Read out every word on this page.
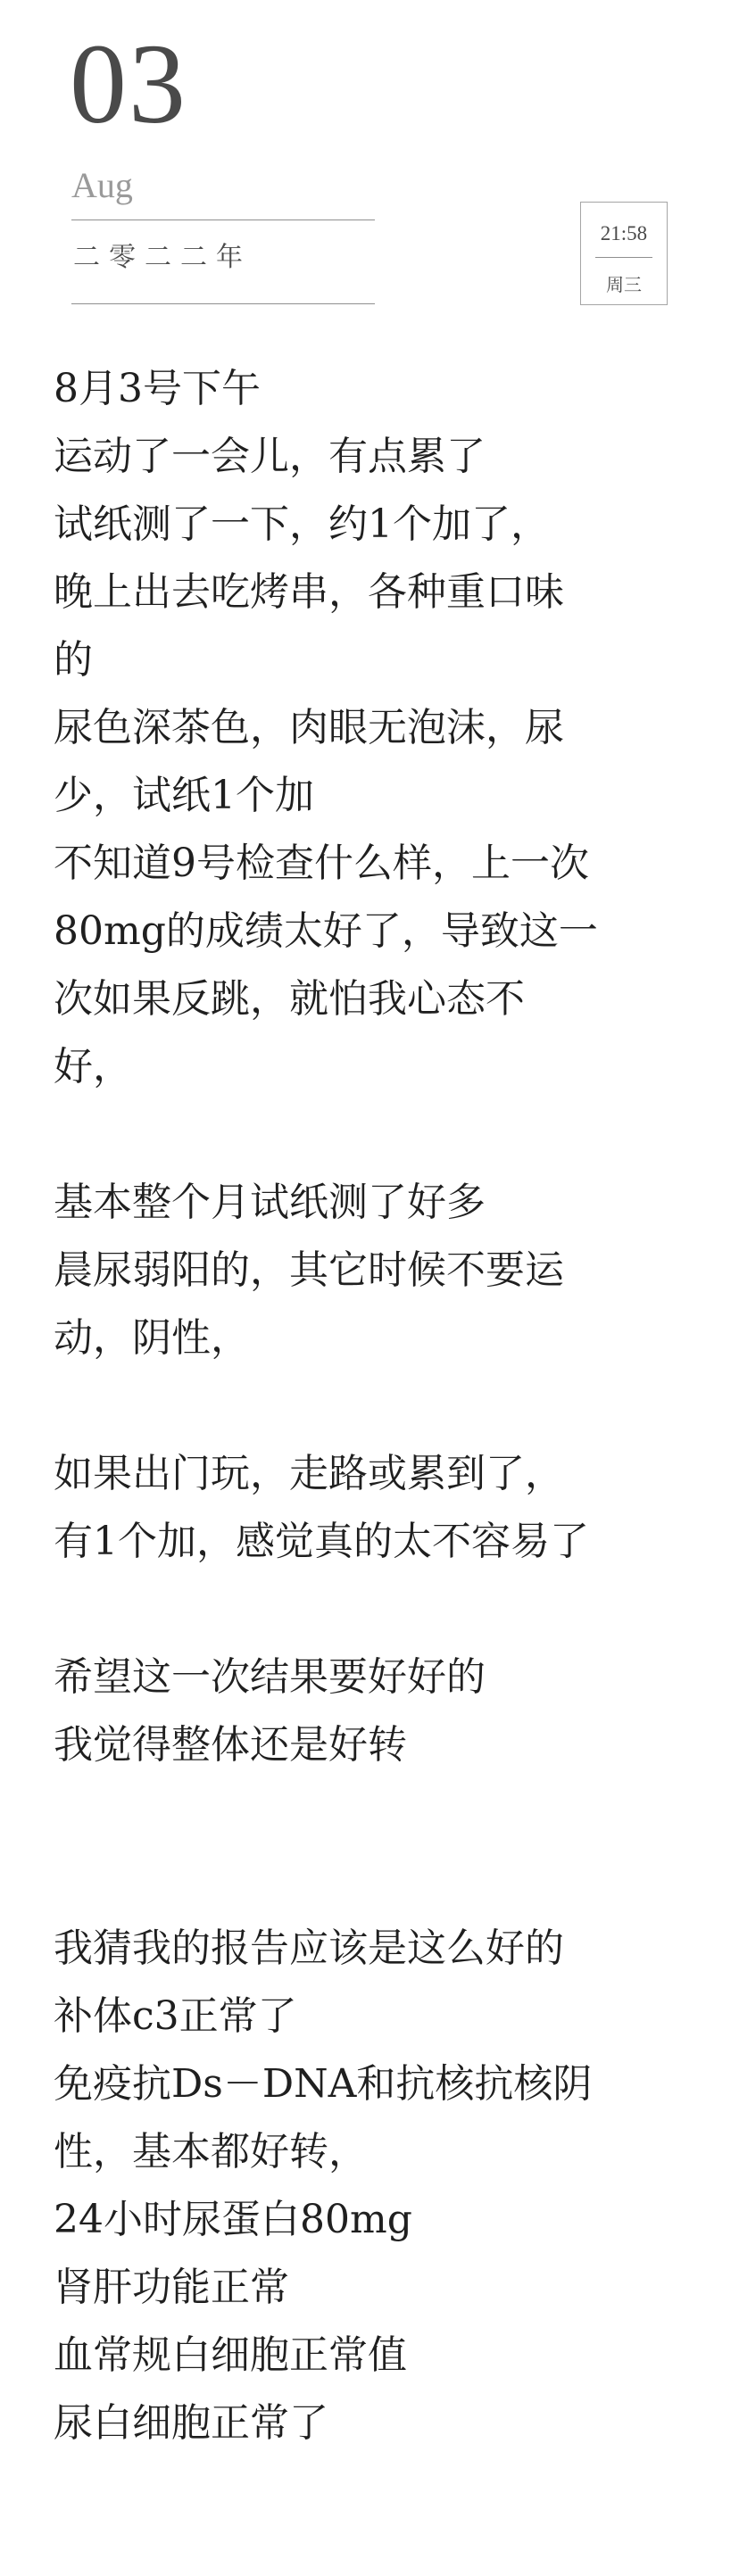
03
Aug
二零二二年
21:58
周三
8月3号下午
运动了一会儿，有点累了
试纸测了一下，约1个加了，
晚上出去吃烤串，各种重口味
的
尿色深茶色，肉眼无泡沫，尿
少，试纸1个加
不知道9号检查什么样，上一次
80mg的成绩太好了，导致这一
次如果反跳，就怕我心态不
好，
基本整个月试纸测了好多
晨尿弱阳的，其它时候不要运
动，阴性，
如果出门玩，走路或累到了，
有1个加，感觉真的太不容易了
希望这一次结果要好好的
我觉得整体还是好转
我猜我的报告应该是这么好的
补体c3正常了
免疫抗Ds－DNA和抗核抗核阴
性，基本都好转，
24小时尿蛋白80mg
肾肝功能正常
血常规白细胞正常值
尿白细胞正常了
